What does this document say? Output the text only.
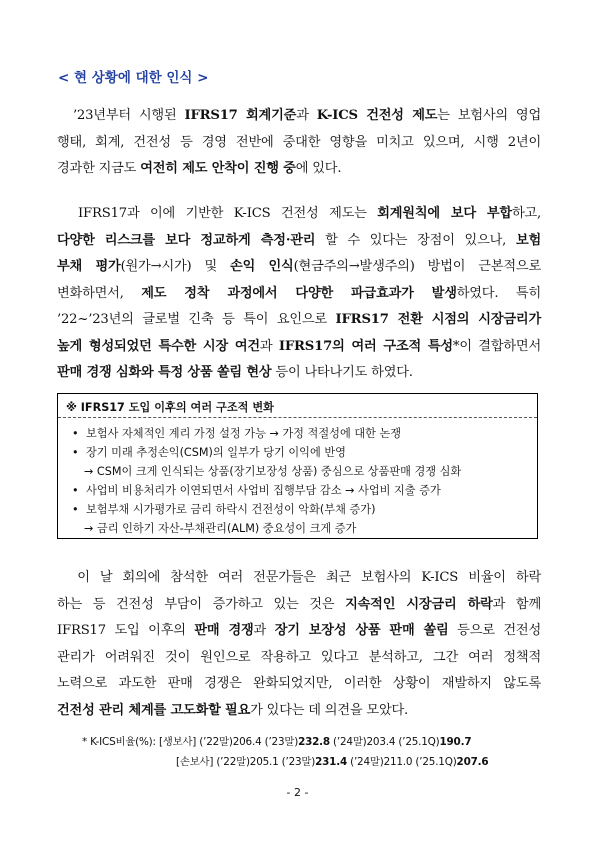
< 현 상황에 대한 인식 >
’23년부터 시행된 IFRS17 회계기준과 K-ICS 건전성 제도는 보험사의 영업
행태, 회계, 건전성 등 경영 전반에 중대한 영향을 미치고 있으며, 시행 2년이
경과한 지금도 여전히 제도 안착이 진행 중에 있다.
IFRS17과 이에 기반한 K-ICS 건전성 제도는 회계원칙에 보다 부합하고,
다양한 리스크를 보다 정교하게 측정·관리 할 수 있다는 장점이 있으나, 보험
부채 평가(원가→시가) 및 손익 인식(현금주의→발생주의) 방법이 근본적으로
변화하면서, 제도 정착 과정에서 다양한 파급효과가 발생하였다. 특히
’22~’23년의 글로벌 긴축 등 특이 요인으로 IFRS17 전환 시점의 시장금리가
높게 형성되었던 특수한 시장 여건과 IFRS17의 여러 구조적 특성*이 결합하면서
판매 경쟁 심화와 특정 상품 쏠림 현상 등이 나타나기도 하였다.
※ IFRS17 도입 이후의 여러 구조적 변화
• 보험사 자체적인 계리 가정 설정 가능 → 가정 적절성에 대한 논쟁
• 장기 미래 추정손익(CSM)의 일부가 당기 이익에 반영
→ CSM이 크게 인식되는 상품(장기보장성 상품) 중심으로 상품판매 경쟁 심화
• 사업비 비용처리가 이연되면서 사업비 집행부담 감소 → 사업비 지출 증가
• 보험부채 시가평가로 금리 하락시 건전성이 악화(부채 증가)
→ 금리 인하기 자산-부채관리(ALM) 중요성이 크게 증가
이 날 회의에 참석한 여러 전문가들은 최근 보험사의 K-ICS 비율이 하락
하는 등 건전성 부담이 증가하고 있는 것은 지속적인 시장금리 하락과 함께
IFRS17 도입 이후의 판매 경쟁과 장기 보장성 상품 판매 쏠림 등으로 건전성
관리가 어려워진 것이 원인으로 작용하고 있다고 분석하고, 그간 여러 정책적
노력으로 과도한 판매 경쟁은 완화되었지만, 이러한 상황이 재발하지 않도록
건전성 관리 체계를 고도화할 필요가 있다는 데 의견을 모았다.
* K-ICS비율(%): [생보사] (’22말)206.4 (’23말)232.8 (’24말)203.4 (’25.1Q)190.7
[손보사] (’22말)205.1 (’23말)231.4 (’24말)211.0 (’25.1Q)207.6
- 2 -
